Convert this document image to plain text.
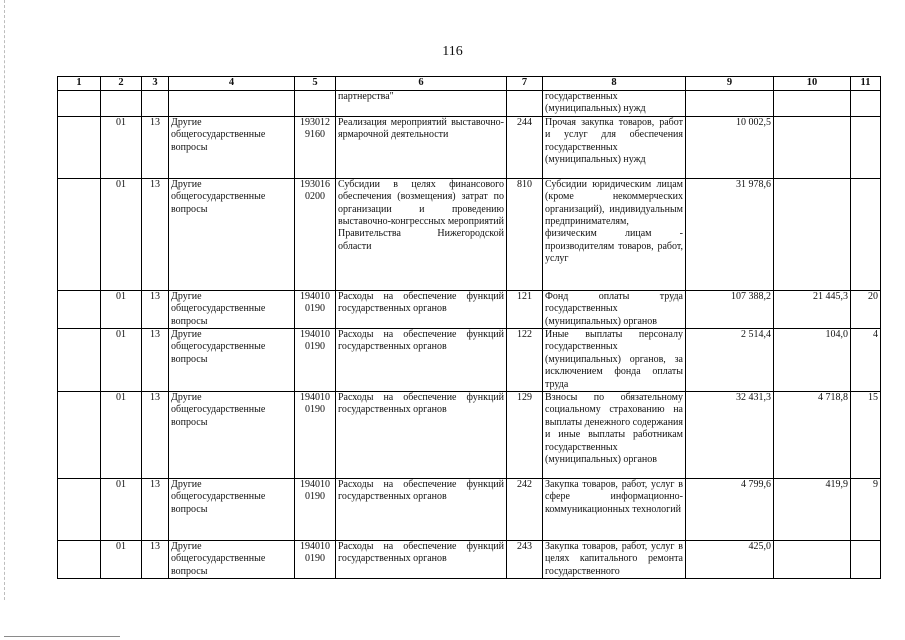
116
1	2	3	4	5	6	7	8	9	10	11
					партнерства"		государственных (муниципальных) нужд			
	01	13	Другие общегосударственные вопросы	193012 9160	Реализация мероприятий выставочно-ярмарочной деятельности	244	Прочая закупка товаров, работ и услуг для обеспечения государственных (муниципальных) нужд	10 002,5		
	01	13	Другие общегосударственные вопросы	193016 0200	Субсидии в целях финансового обеспечения (возмещения) затрат по организации и проведению выставочно-конгрессных мероприятий Правительства Нижегородской области	810	Субсидии юридическим лицам (кроме некоммерческих организаций), индивидуальным предпринимателям, физическим лицам - производителям товаров, работ, услуг	31 978,6		
	01	13	Другие общегосударственные вопросы	194010 0190	Расходы на обеспечение функций государственных органов	121	Фонд оплаты труда государственных (муниципальных) органов	107 388,2	21 445,3	20
	01	13	Другие общегосударственные вопросы	194010 0190	Расходы на обеспечение функций государственных органов	122	Иные выплаты персоналу государственных (муниципальных) органов, за исключением фонда оплаты труда	2 514,4	104,0	4
	01	13	Другие общегосударственные вопросы	194010 0190	Расходы на обеспечение функций государственных органов	129	Взносы по обязательному социальному страхованию на выплаты денежного содержания и иные выплаты работникам государственных (муниципальных) органов	32 431,3	4 718,8	15
	01	13	Другие общегосударственные вопросы	194010 0190	Расходы на обеспечение функций государственных органов	242	Закупка товаров, работ, услуг в сфере информационно-коммуникационных технологий	4 799,6	419,9	9
	01	13	Другие общегосударственные вопросы	194010 0190	Расходы на обеспечение функций государственных органов	243	Закупка товаров, работ, услуг в целях капитального ремонта государственного	425,0		
